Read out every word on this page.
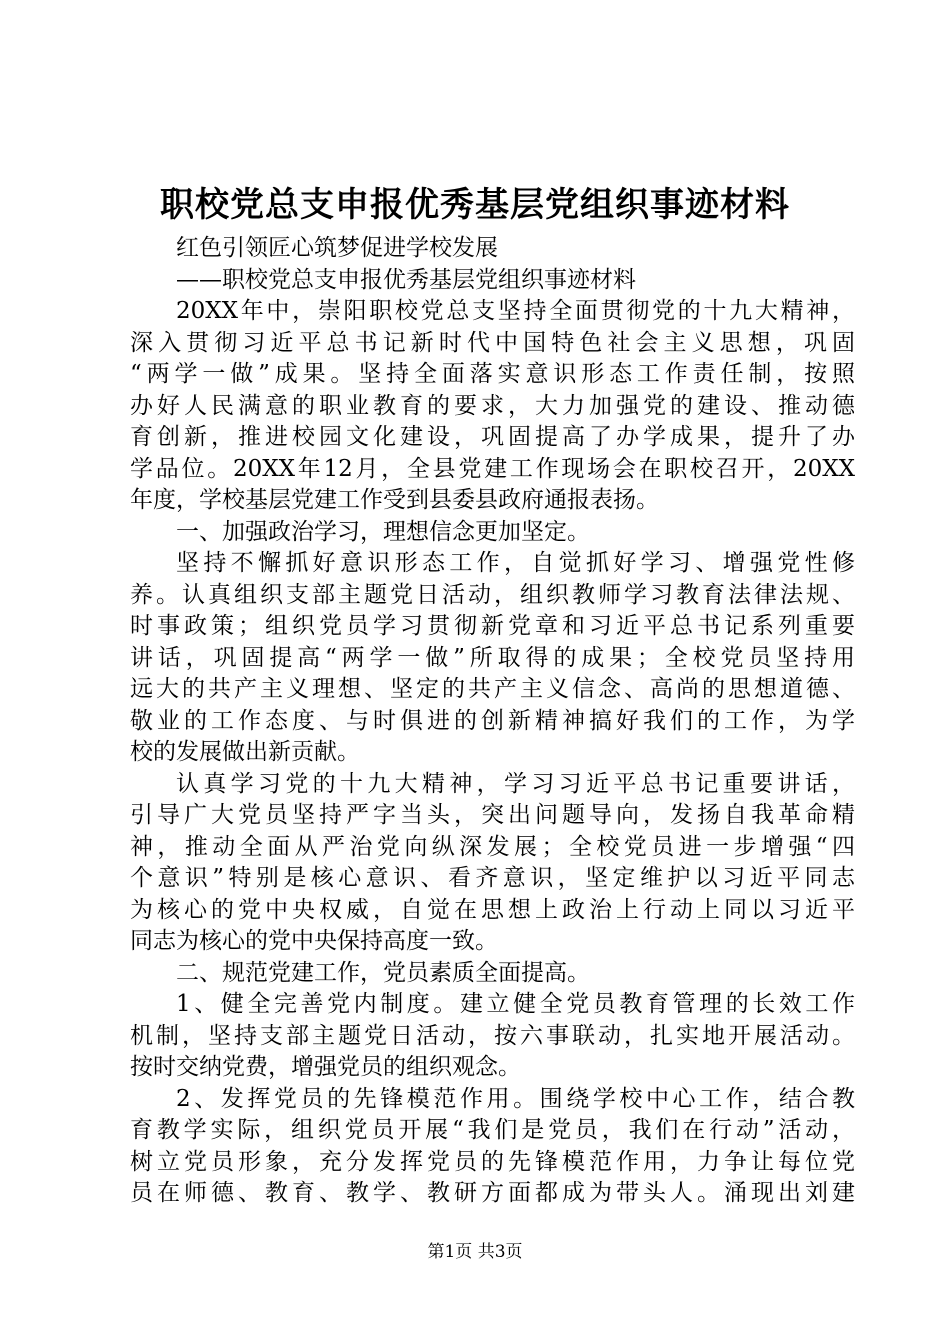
职校党总支申报优秀基层党组织事迹材料
红色引领匠心筑梦促进学校发展
——职校党总支申报优秀基层党组织事迹材料
20XX年中，崇阳职校党总支坚持全面贯彻党的十九大精神，
深入贯彻习近平总书记新时代中国特色社会主义思想，巩固
“两学一做”成果。坚持全面落实意识形态工作责任制，按照
办好人民满意的职业教育的要求，大力加强党的建设、推动德
育创新，推进校园文化建设，巩固提高了办学成果，提升了办
学品位。20XX年12月，全县党建工作现场会在职校召开，20XX
年度，学校基层党建工作受到县委县政府通报表扬。
一、加强政治学习，理想信念更加坚定。
坚持不懈抓好意识形态工作，自觉抓好学习、增强党性修
养。认真组织支部主题党日活动，组织教师学习教育法律法规、
时事政策；组织党员学习贯彻新党章和习近平总书记系列重要
讲话，巩固提高“两学一做”所取得的成果；全校党员坚持用
远大的共产主义理想、坚定的共产主义信念、高尚的思想道德、
敬业的工作态度、与时俱进的创新精神搞好我们的工作，为学
校的发展做出新贡献。
认真学习党的十九大精神，学习习近平总书记重要讲话，
引导广大党员坚持严字当头，突出问题导向，发扬自我革命精
神，推动全面从严治党向纵深发展；全校党员进一步增强“四
个意识”特别是核心意识、看齐意识，坚定维护以习近平同志
为核心的党中央权威，自觉在思想上政治上行动上同以习近平
同志为核心的党中央保持高度一致。
二、规范党建工作，党员素质全面提高。
1、健全完善党内制度。建立健全党员教育管理的长效工作
机制，坚持支部主题党日活动，按六事联动，扎实地开展活动。
按时交纳党费，增强党员的组织观念。
2、发挥党员的先锋模范作用。围绕学校中心工作，结合教
育教学实际，组织党员开展“我们是党员，我们在行动”活动，
树立党员形象，充分发挥党员的先锋模范作用，力争让每位党
员在师德、教育、教学、教研方面都成为带头人。涌现出刘建
第1页 共3页
